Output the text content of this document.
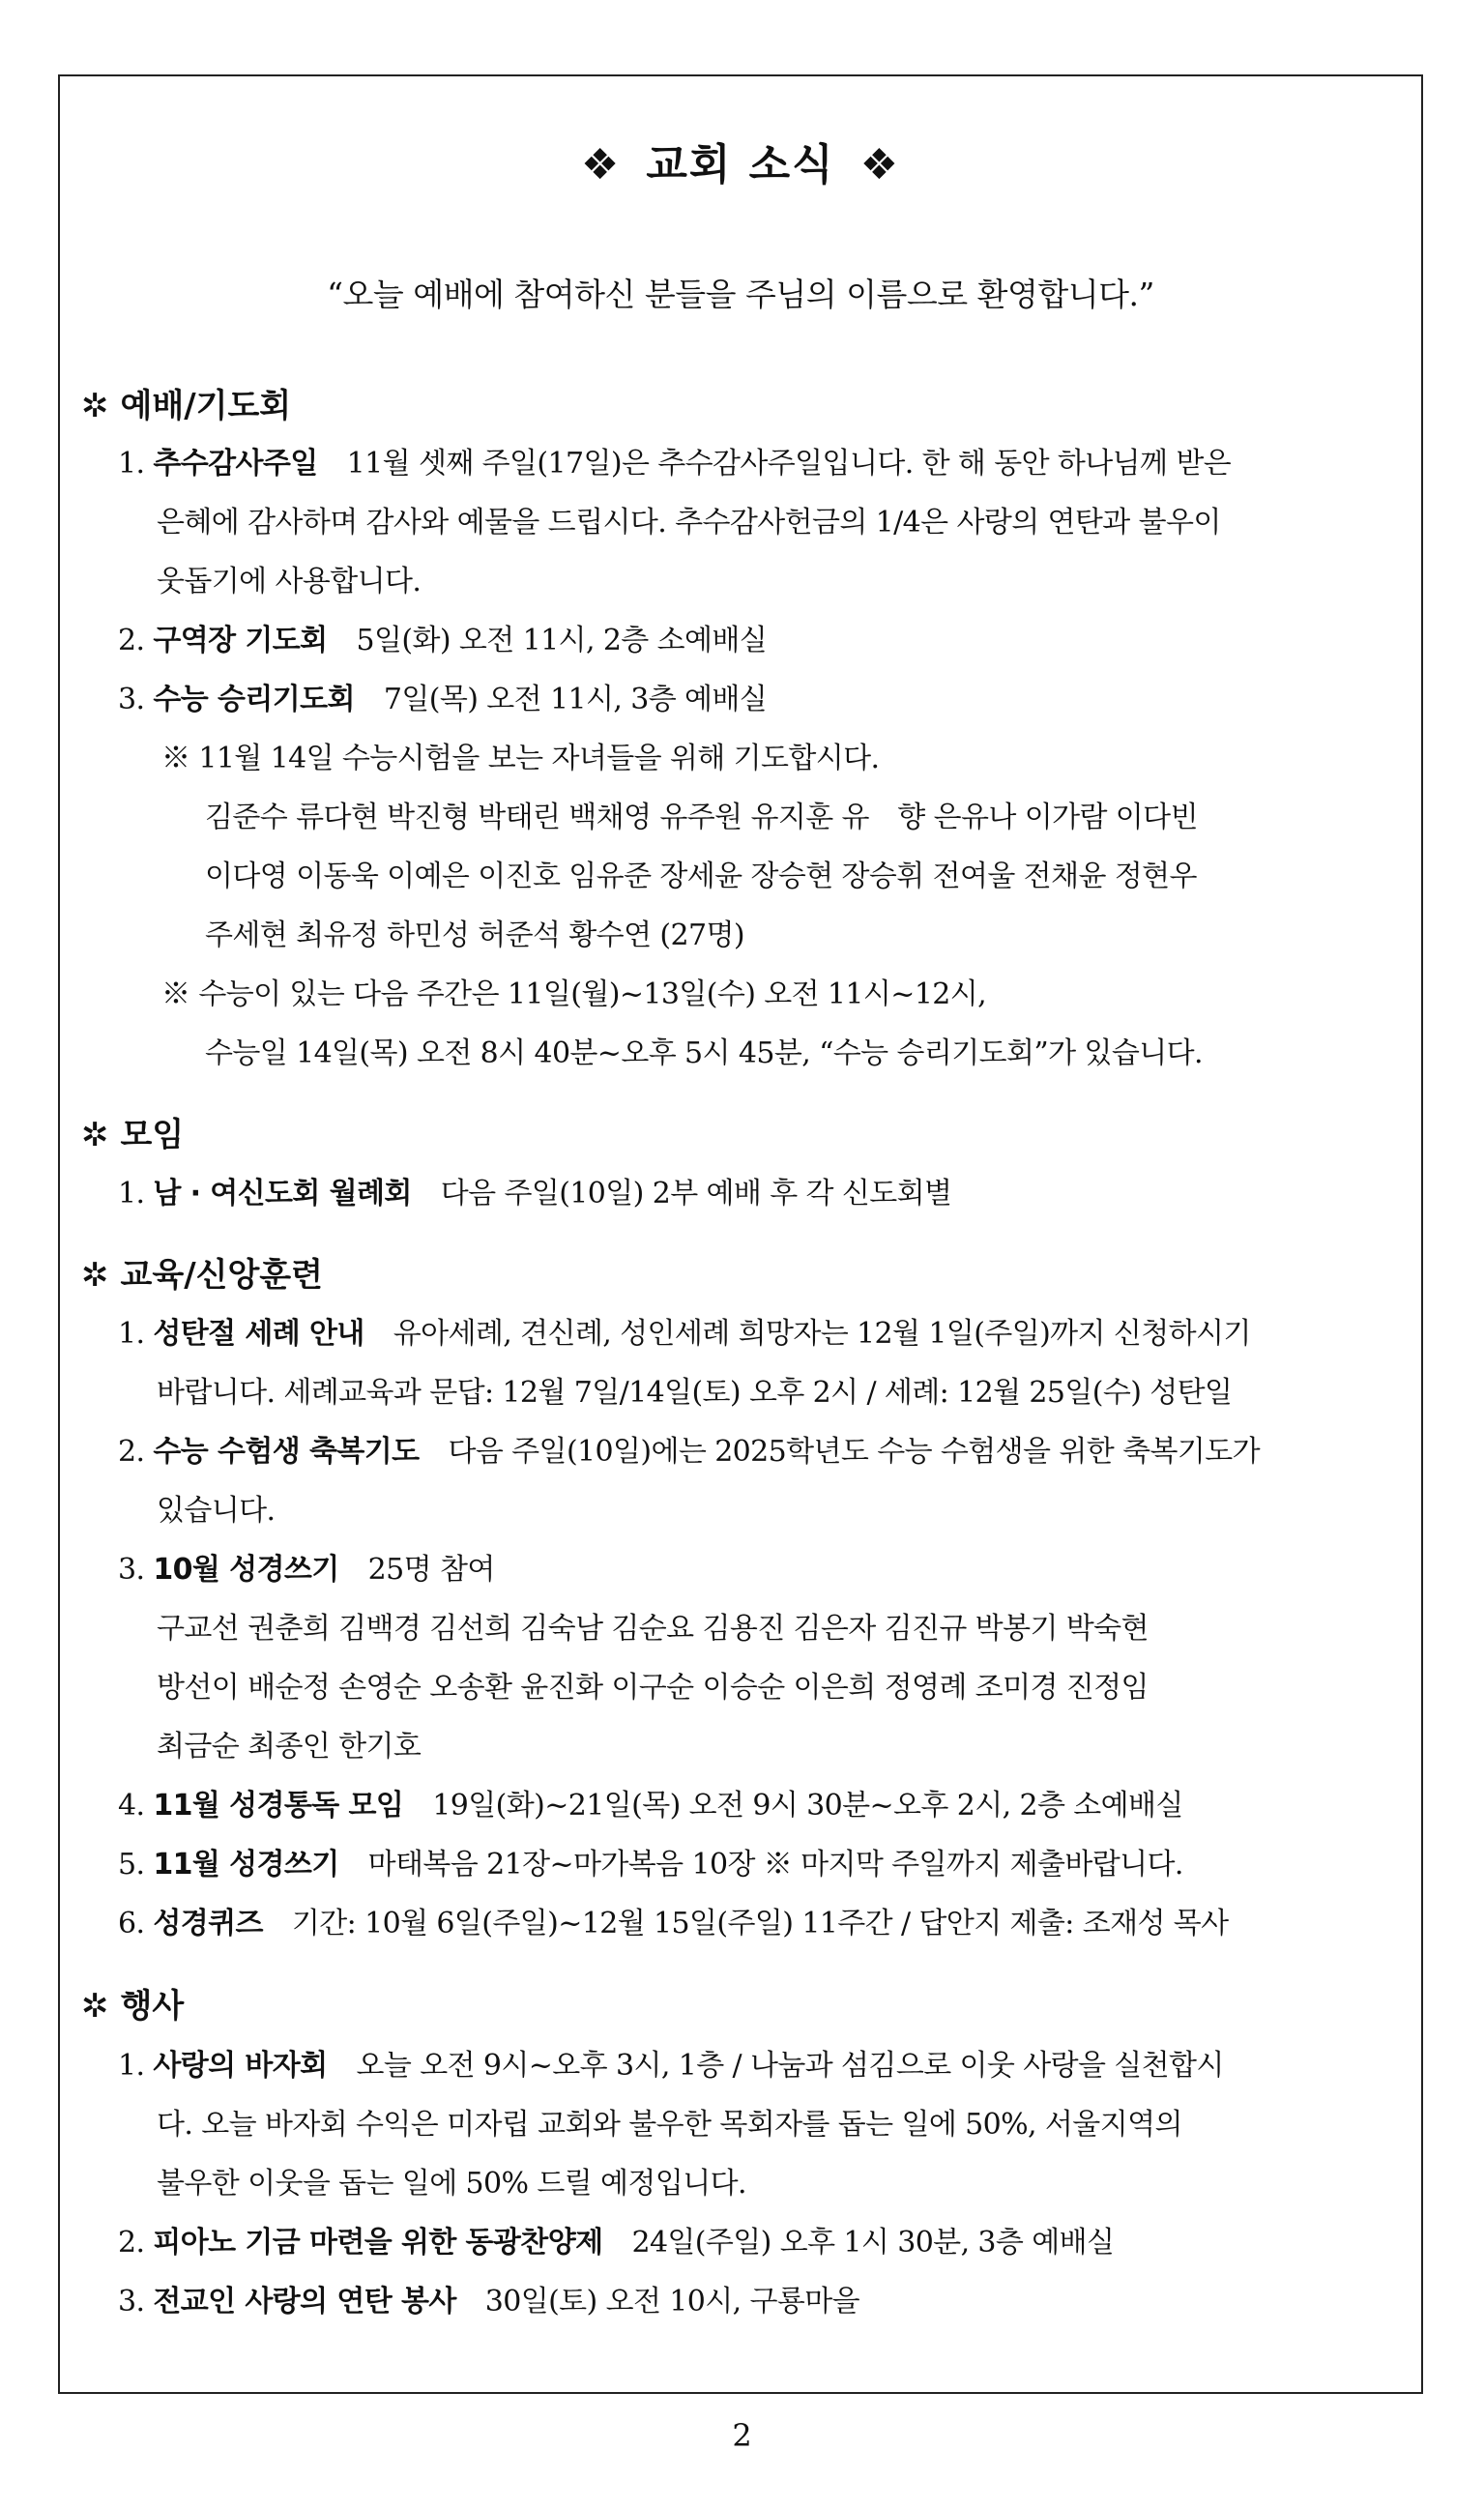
❖ 교회 소식 ❖
“오늘 예배에 참여하신 분들을 주님의 이름으로 환영합니다.”
✲ 예배/기도회
1. 추수감사주일 11월 셋째 주일(17일)은 추수감사주일입니다. 한 해 동안 하나님께 받은
은혜에 감사하며 감사와 예물을 드립시다. 추수감사헌금의 1/4은 사랑의 연탄과 불우이
웃돕기에 사용합니다.
2. 구역장 기도회 5일(화) 오전 11시, 2층 소예배실
3. 수능 승리기도회 7일(목) 오전 11시, 3층 예배실
※ 11월 14일 수능시험을 보는 자녀들을 위해 기도합시다.
김준수 류다현 박진형 박태린 백채영 유주원 유지훈 유　향 은유나 이가람 이다빈
이다영 이동욱 이예은 이진호 임유준 장세윤 장승현 장승휘 전여울 전채윤 정현우
주세현 최유정 하민성 허준석 황수연 (27명)
※ 수능이 있는 다음 주간은 11일(월)~13일(수) 오전 11시~12시,
수능일 14일(목) 오전 8시 40분~오후 5시 45분, “수능 승리기도회”가 있습니다.
✲ 모임
1. 남 · 여신도회 월례회 다음 주일(10일) 2부 예배 후 각 신도회별
✲ 교육/신앙훈련
1. 성탄절 세례 안내 유아세례, 견신례, 성인세례 희망자는 12월 1일(주일)까지 신청하시기
바랍니다. 세례교육과 문답: 12월 7일/14일(토) 오후 2시 / 세례: 12월 25일(수) 성탄일
2. 수능 수험생 축복기도 다음 주일(10일)에는 2025학년도 수능 수험생을 위한 축복기도가
있습니다.
3. 10월 성경쓰기 25명 참여
구교선 권춘희 김백경 김선희 김숙남 김순요 김용진 김은자 김진규 박봉기 박숙현
방선이 배순정 손영순 오송환 윤진화 이구순 이승순 이은희 정영례 조미경 진정임
최금순 최종인 한기호
4. 11월 성경통독 모임 19일(화)~21일(목) 오전 9시 30분~오후 2시, 2층 소예배실
5. 11월 성경쓰기 마태복음 21장~마가복음 10장 ※ 마지막 주일까지 제출바랍니다.
6. 성경퀴즈 기간: 10월 6일(주일)~12월 15일(주일) 11주간 / 답안지 제출: 조재성 목사
✲ 행사
1. 사랑의 바자회 오늘 오전 9시~오후 3시, 1층 / 나눔과 섬김으로 이웃 사랑을 실천합시
다. 오늘 바자회 수익은 미자립 교회와 불우한 목회자를 돕는 일에 50%, 서울지역의
불우한 이웃을 돕는 일에 50% 드릴 예정입니다.
2. 피아노 기금 마련을 위한 동광찬양제 24일(주일) 오후 1시 30분, 3층 예배실
3. 전교인 사랑의 연탄 봉사 30일(토) 오전 10시, 구룡마을
2
